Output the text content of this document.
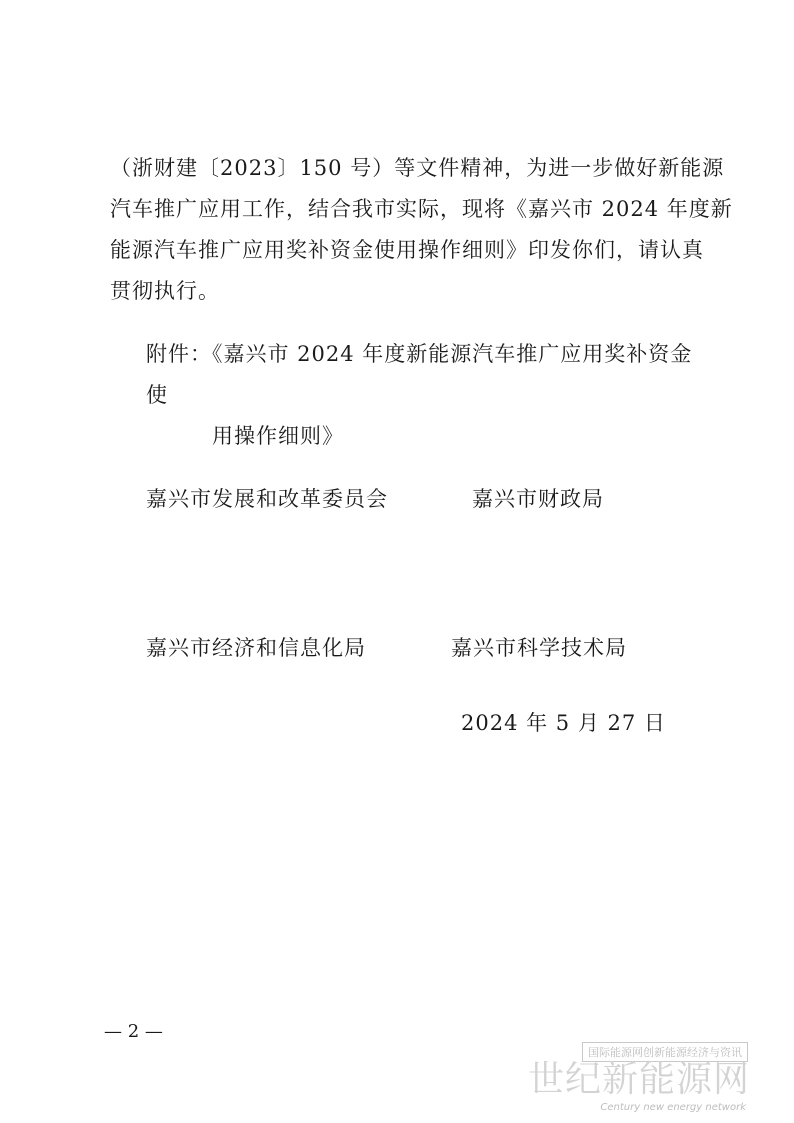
（浙财建〔2023〕150 号）等文件精神，为进一步做好新能源
汽车推广应用工作，结合我市实际，现将《嘉兴市 2024 年度新
能源汽车推广应用奖补资金使用操作细则》印发你们，请认真
贯彻执行。
附件：《嘉兴市 2024 年度新能源汽车推广应用奖补资金使
用操作细则》
嘉兴市发展和改革委员会	嘉兴市财政局
嘉兴市经济和信息化局	嘉兴市科学技术局
2024 年 5 月 27 日
— 2 —
国际能源网创新能源经济与资讯
世纪新能源网
Century new energy network
